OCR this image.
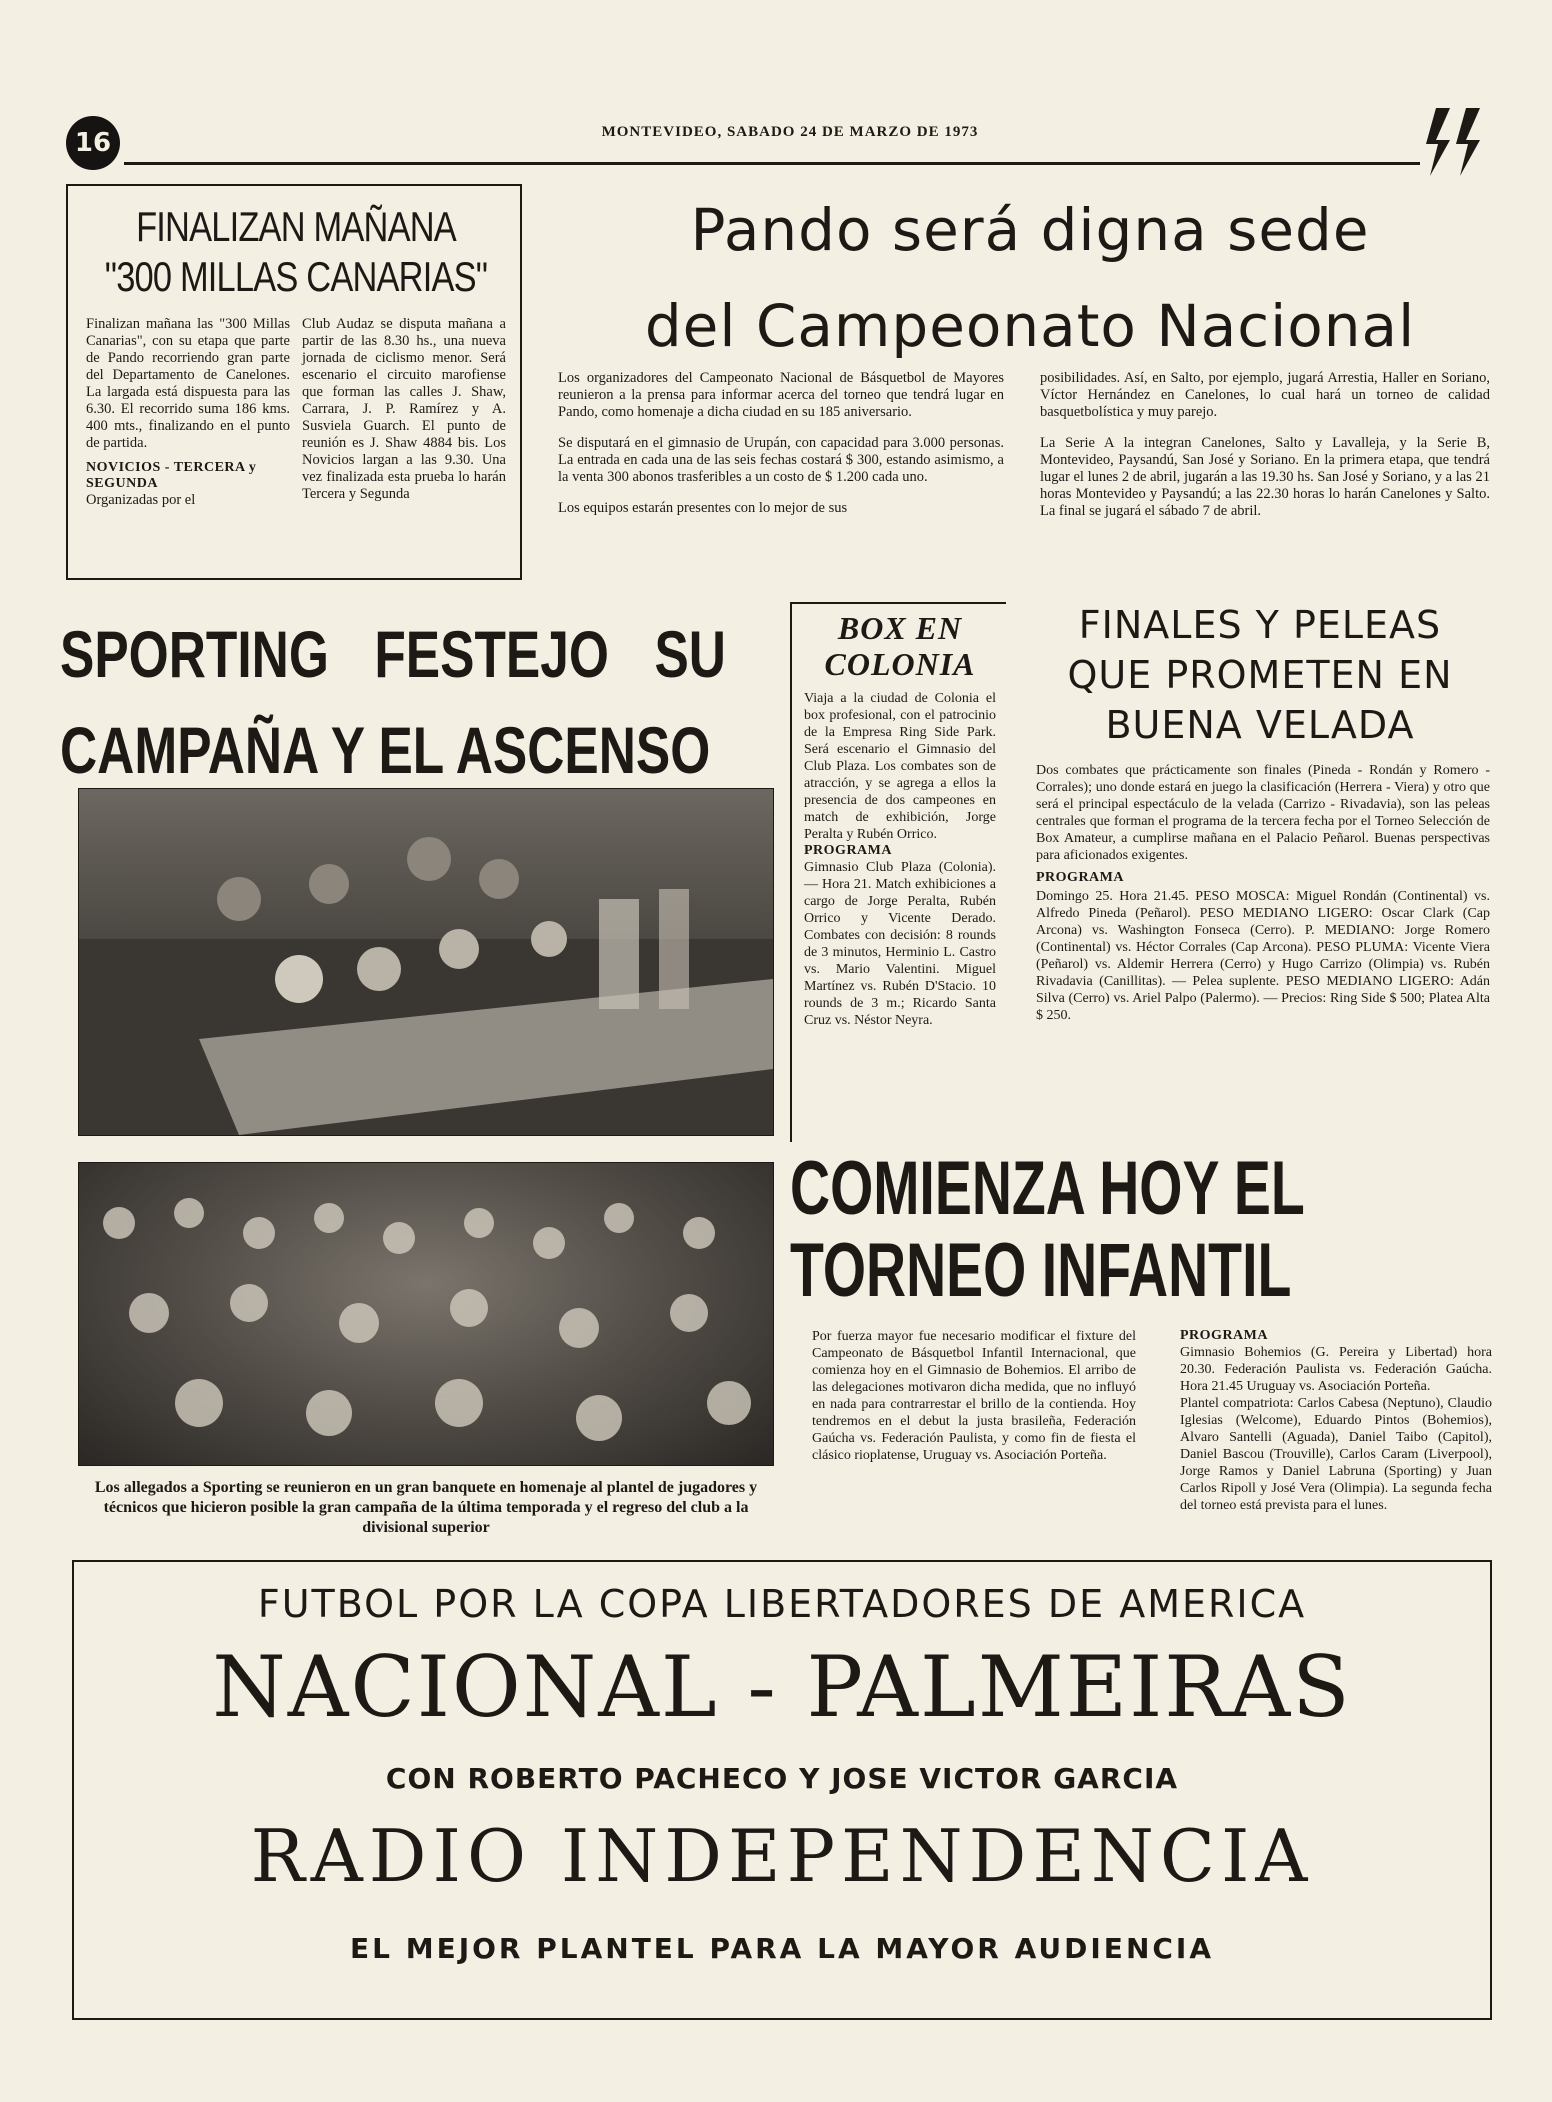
16	MONTEVIDEO, SABADO 24 DE MARZO DE 1973
FINALIZAN MAÑANA
"300 MILLAS CANARIAS"

Finalizan mañana las "300 Millas Canarias", con su etapa que parte de Pando recorriendo gran parte del Departamento de Canelones. La largada está dispuesta para las 6.30. El recorrido suma 186 kms. 400 mts., finalizando en el punto de partida.

NOVICIOS - TERCERA y SEGUNDA

Organizadas por el

Club Audaz se disputa mañana a partir de las 8.30 hs., una nueva jornada de ciclismo menor. Será escenario el circuito marofiense que forman las calles J. Shaw, Carrara, J. P. Ramírez y A. Susviela Guarch. El punto de reunión es J. Shaw 4884 bis. Los Novicios largan a las 9.30. Una vez finalizada esta prueba lo harán Tercera y Segunda

Pando será digna sede
del Campeonato Nacional

Los organizadores del Campeonato Nacional de Básquetbol de Mayores reunieron a la prensa para informar acerca del torneo que tendrá lugar en Pando, como homenaje a dicha ciudad en su 185 aniversario.

Se disputará en el gimnasio de Urupán, con capacidad para 3.000 personas. La entrada en cada una de las seis fechas costará $ 300, estando asimismo, a la venta 300 abonos trasferibles a un costo de $ 1.200 cada uno.

Los equipos estarán presentes con lo mejor de sus

posibilidades. Así, en Salto, por ejemplo, jugará Arrestia, Haller en Soriano, Víctor Hernández en Canelones, lo cual hará un torneo de calidad basquetbolística y muy parejo.

La Serie A la integran Canelones, Salto y Lavalleja, y la Serie B, Montevideo, Paysandú, San José y Soriano. En la primera etapa, que tendrá lugar el lunes 2 de abril, jugarán a las 19.30 hs. San José y Soriano, y a las 21 horas Montevideo y Paysandú; a las 22.30 horas lo harán Canelones y Salto. La final se jugará el sábado 7 de abril.

SPORTING FESTEJO SU
CAMPAÑA Y EL ASCENSO
Los allegados a Sporting se reunieron en un gran banquete en homenaje al plantel de jugadores y técnicos que hicieron posible la gran campaña de la última temporada y el regreso del club a la divisional superior
BOX EN
COLONIA

Viaja a la ciudad de Colonia el box profesional, con el patrocinio de la Empresa Ring Side Park. Será escenario el Gimnasio del Club Plaza. Los combates son de atracción, y se agrega a ellos la presencia de dos campeones en match de exhibición, Jorge Peralta y Rubén Orrico.

PROGRAMA

Gimnasio Club Plaza (Colonia). — Hora 21. Match exhibiciones a cargo de Jorge Peralta, Rubén Orrico y Vicente Derado. Combates con decisión: 8 rounds de 3 minutos, Herminio L. Castro vs. Mario Valentini. Miguel Martínez vs. Rubén D'Stacio. 10 rounds de 3 m.; Ricardo Santa Cruz vs. Néstor Neyra.

FINALES Y PELEAS
QUE PROMETEN EN
BUENA VELADA

Dos combates que prácticamente son finales (Pineda - Rondán y Romero - Corrales); uno donde estará en juego la clasificación (Herrera - Viera) y otro que será el principal espectáculo de la velada (Carrizo - Rivadavia), son las peleas centrales que forman el programa de la tercera fecha por el Torneo Selección de Box Amateur, a cumplirse mañana en el Palacio Peñarol. Buenas perspectivas para aficionados exigentes.

PROGRAMA

Domingo 25. Hora 21.45. PESO MOSCA: Miguel Rondán (Continental) vs. Alfredo Pineda (Peñarol). PESO MEDIANO LIGERO: Oscar Clark (Cap Arcona) vs. Washington Fonseca (Cerro). P. MEDIANO: Jorge Romero (Continental) vs. Héctor Corrales (Cap Arcona). PESO PLUMA: Vicente Viera (Peñarol) vs. Aldemir Herrera (Cerro) y Hugo Carrizo (Olimpia) vs. Rubén Rivadavia (Canillitas). — Pelea suplente. PESO MEDIANO LIGERO: Adán Silva (Cerro) vs. Ariel Palpo (Palermo). — Precios: Ring Side $ 500; Platea Alta $ 250.

COMIENZA HOY EL
TORNEO INFANTIL

Por fuerza mayor fue necesario modificar el fixture del Campeonato de Básquetbol Infantil Internacional, que comienza hoy en el Gimnasio de Bohemios. El arribo de las delegaciones motivaron dicha medida, que no influyó en nada para contrarrestar el brillo de la contienda. Hoy tendremos en el debut la justa brasileña, Federación Gaúcha vs. Federación Paulista, y como fin de fiesta el clásico rioplatense, Uruguay vs. Asociación Porteña.

PROGRAMA

Gimnasio Bohemios (G. Pereira y Libertad) hora 20.30. Federación Paulista vs. Federación Gaúcha. Hora 21.45 Uruguay vs. Asociación Porteña.

Plantel compatriota: Carlos Cabesa (Neptuno), Claudio Iglesias (Welcome), Eduardo Pintos (Bohemios), Alvaro Santelli (Aguada), Daniel Taibo (Capitol), Daniel Bascou (Trouville), Carlos Caram (Liverpool), Jorge Ramos y Daniel Labruna (Sporting) y Juan Carlos Ripoll y José Vera (Olimpia). La segunda fecha del torneo está prevista para el lunes.

FUTBOL POR LA COPA LIBERTADORES DE AMERICA
NACIONAL - PALMEIRAS
CON ROBERTO PACHECO Y JOSE VICTOR GARCIA
RADIO INDEPENDENCIA
EL MEJOR PLANTEL PARA LA MAYOR AUDIENCIA
